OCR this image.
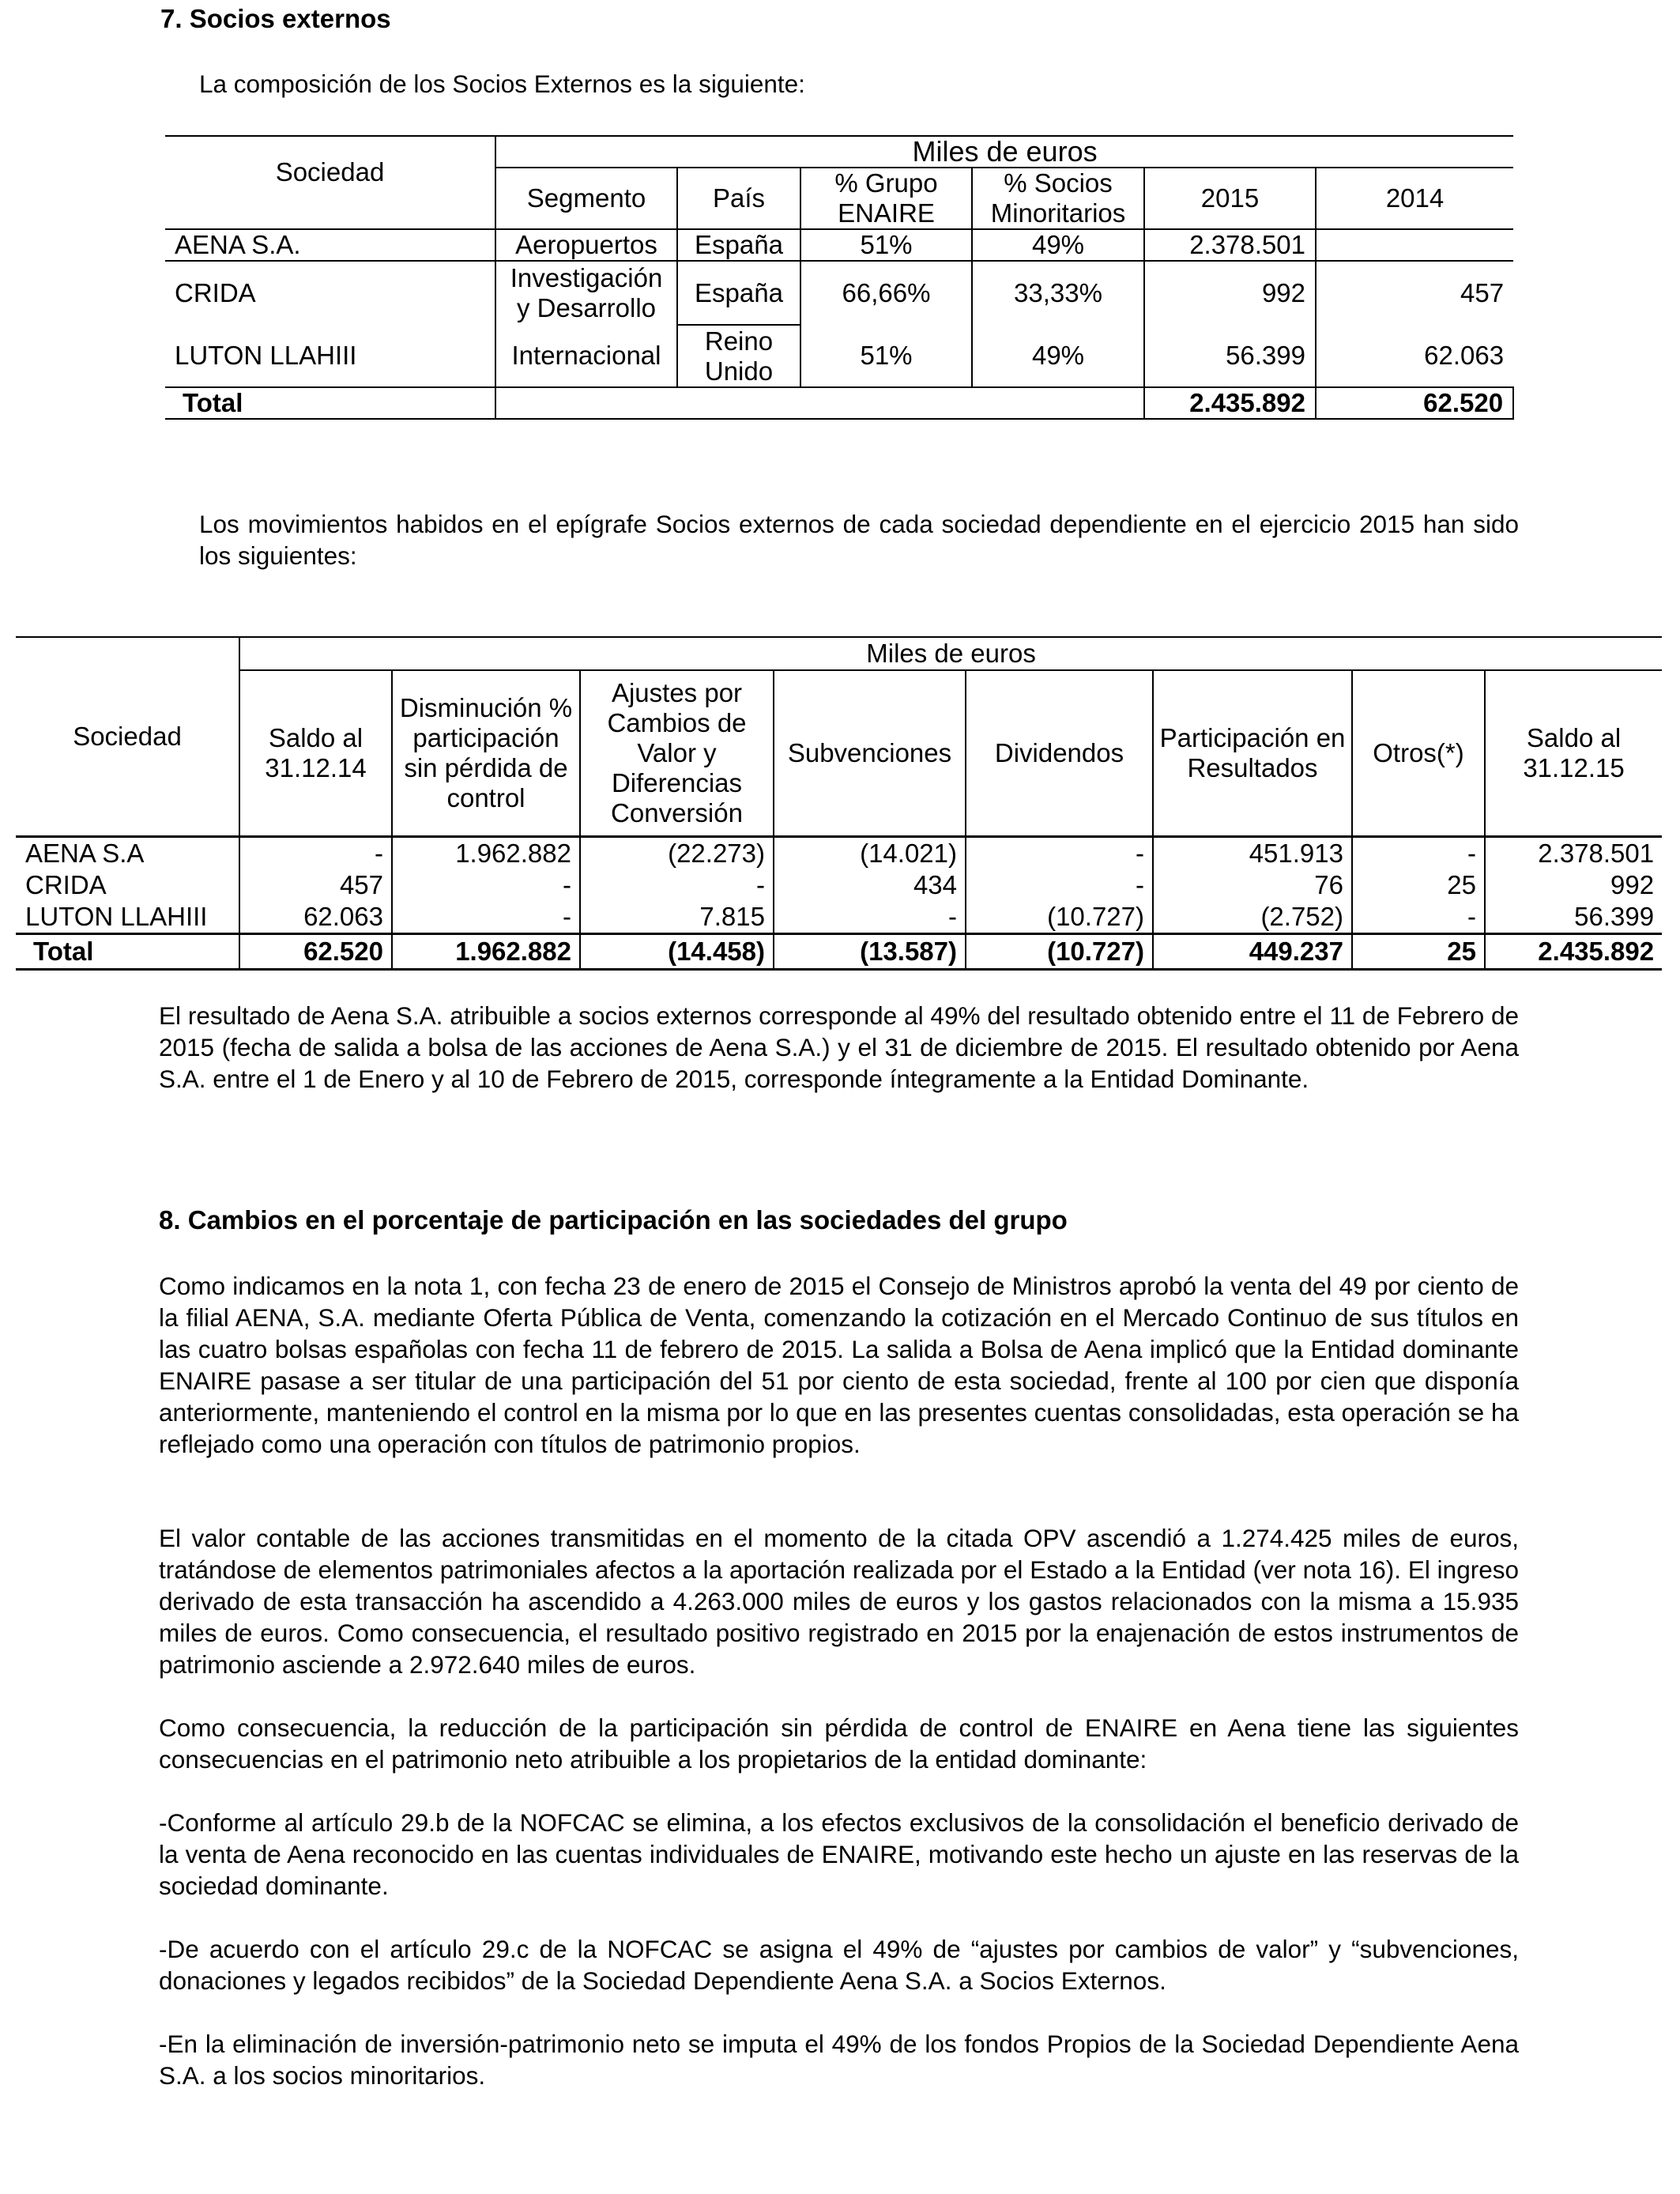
7. Socios externos
La composición de los Socios Externos es la siguiente:
Sociedad	Miles de euros					
	Segmento	País	% Grupo ENAIRE	% Socios Minoritarios	2015	2014
AENA S.A.	Aeropuertos	España	51%	49%	2.378.501	
CRIDA	Investigación y Desarrollo	España	66,66%	33,33%	992	457
LUTON LLAHIII	Internacional	Reino Unido	51%	49%	56.399	62.063
Total					2.435.892	62.520
Los movimientos habidos en el epígrafe Socios externos de cada sociedad dependiente en el ejercicio 2015 han sido los siguientes:
Sociedad	Miles de euros							
	Saldo al 31.12.14	Disminución % participación sin pérdida de control	Ajustes por Cambios de Valor y Diferencias Conversión	Subvenciones	Dividendos	Participación en Resultados	Otros(*)	Saldo al 31.12.15
AENA S.A	-	1.962.882	(22.273)	(14.021)	-	451.913	-	2.378.501
CRIDA	457	-	-	434	-	76	25	992
LUTON LLAHIII	62.063	-	7.815	-	(10.727)	(2.752)	-	56.399
Total	62.520	1.962.882	(14.458)	(13.587)	(10.727)	449.237	25	2.435.892
El resultado de Aena S.A. atribuible a socios externos corresponde al 49% del resultado obtenido entre el 11 de Febrero de 2015 (fecha de salida a bolsa de las acciones de Aena S.A.) y el 31 de diciembre de 2015. El resultado obtenido por Aena S.A. entre el 1 de Enero y al 10 de Febrero de 2015, corresponde íntegramente a la Entidad Dominante.
8. Cambios en el porcentaje de participación en las sociedades del grupo
Como indicamos en la nota 1, con fecha 23 de enero de 2015 el Consejo de Ministros aprobó la venta del 49 por ciento de la filial AENA, S.A. mediante Oferta Pública de Venta, comenzando la cotización en el Mercado Continuo de sus títulos en las cuatro bolsas españolas con fecha 11 de febrero de 2015. La salida a Bolsa de Aena implicó que la Entidad dominante ENAIRE pasase a ser titular de una participación del 51 por ciento de esta sociedad, frente al 100 por cien que disponía anteriormente, manteniendo el control en la misma por lo que en las presentes cuentas consolidadas, esta operación se ha reflejado como una operación con títulos de patrimonio propios.
El valor contable de las acciones transmitidas en el momento de la citada OPV ascendió a 1.274.425 miles de euros, tratándose de elementos patrimoniales afectos a la aportación realizada por el Estado a la Entidad (ver nota 16). El ingreso derivado de esta transacción ha ascendido a 4.263.000 miles de euros y los gastos relacionados con la misma a 15.935 miles de euros. Como consecuencia, el resultado positivo registrado en 2015 por la enajenación de estos instrumentos de patrimonio asciende a 2.972.640 miles de euros.
Como consecuencia, la reducción de la participación sin pérdida de control de ENAIRE en Aena tiene las siguientes consecuencias en el patrimonio neto atribuible a los propietarios de la entidad dominante:
-Conforme al artículo 29.b de la NOFCAC se elimina, a los efectos exclusivos de la consolidación el beneficio derivado de la venta de Aena reconocido en las cuentas individuales de ENAIRE, motivando este hecho un ajuste en las reservas de la sociedad dominante.
-De acuerdo con el artículo 29.c de la NOFCAC se asigna el 49% de “ajustes por cambios de valor” y “subvenciones, donaciones y legados recibidos” de la Sociedad Dependiente Aena S.A. a Socios Externos.
-En la eliminación de inversión-patrimonio neto se imputa el 49% de los fondos Propios de la Sociedad Dependiente Aena S.A. a los socios minoritarios.
